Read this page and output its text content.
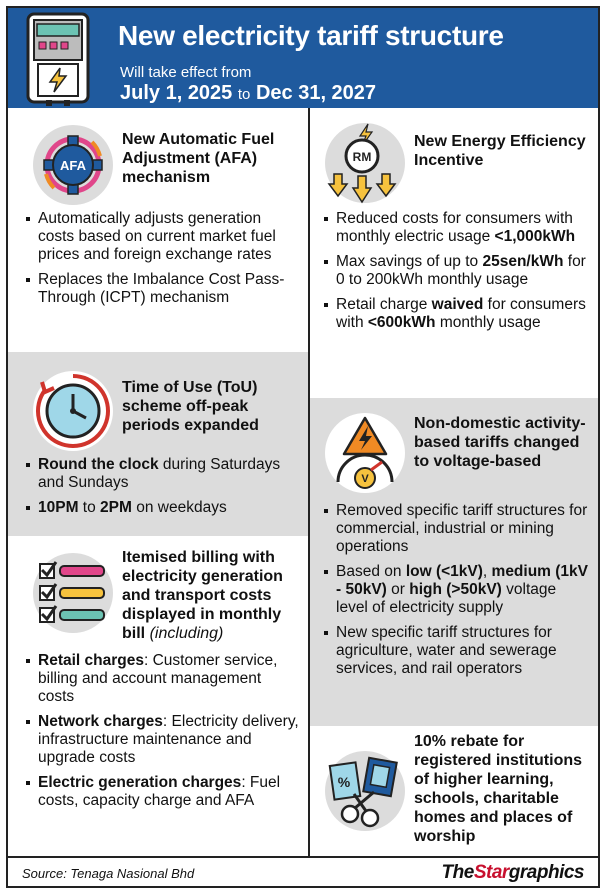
New electricity tariff structure
Will take effect from
July 1, 2025 to Dec 31, 2027
AFA
New Automatic Fuel Adjustment (AFA) mechanism
Automatically adjusts generation costs based on current market fuel prices and foreign exchange rates
Replaces the Imbalance Cost Pass-Through (ICPT) mechanism
Time of Use (ToU) scheme off-peak periods expanded
Round the clock during Saturdays and Sundays
10PM to 2PM on weekdays
Itemised billing with electricity generation and transport costs displayed in monthly bill (including)
Retail charges: Customer service, billing and account management costs
Network charges: Electricity delivery, infrastructure maintenance and upgrade costs
Electric generation charges: Fuel costs, capacity charge and AFA
RM
New Energy Efficiency Incentive
Reduced costs for consumers with monthly electric usage <1,000kWh
Max savings of up to 25sen/kWh for 0 to 200kWh monthly usage
Retail charge waived for consumers with <600kWh monthly usage
V
Non-domestic activity-based tariffs changed to voltage-based
Removed specific tariff structures for commercial, industrial or mining operations
Based on low (<1kV), medium (1kV - 50kV) or high (>50kV) voltage level of electricity supply
New specific tariff structures for agriculture, water and sewerage services, and rail operators
%
10% rebate for registered institutions of higher learning, schools, charitable homes and places of worship
Source: Tenaga Nasional Bhd	TheStargraphics
